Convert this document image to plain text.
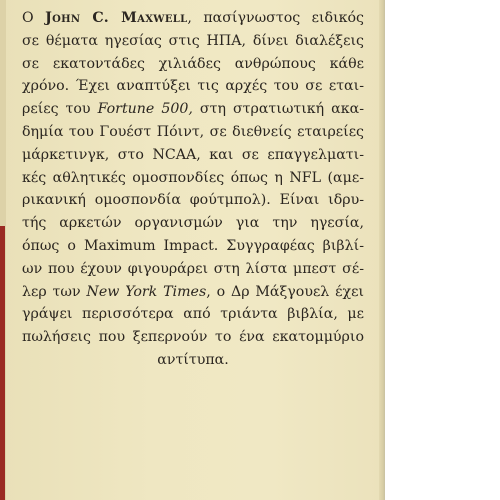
Ο John C. Maxwell, πασίγνωστος ειδικός
σε θέματα ηγεσίας στις ΗΠΑ, δίνει διαλέξεις
σε εκατοντάδες χιλιάδες ανθρώπους κάθε
χρόνο. Έχει αναπτύξει τις αρχές του σε εται-
ρείες του Fortune 500, στη στρατιωτική ακα-
δημία του Γουέστ Πόιντ, σε διεθνείς εταιρείες
μάρκετινγκ, στο NCAA, και σε επαγγελματι-
κές αθλητικές ομοσπονδίες όπως η NFL (αμε-
ρικανική ομοσπονδία φούτμπολ). Είναι ιδρυ-
τής αρκετών οργανισμών για την ηγεσία,
όπως ο Maximum Impact. Συγγραφέας βιβλί-
ων που έχουν φιγουράρει στη λίστα μπεστ σέ-
λερ των New York Times, ο Δρ Μάξγουελ έχει
γράψει περισσότερα από τριάντα βιβλία, με
πωλήσεις που ξεπερνούν το ένα εκατομμύριο
αντίτυπα.
